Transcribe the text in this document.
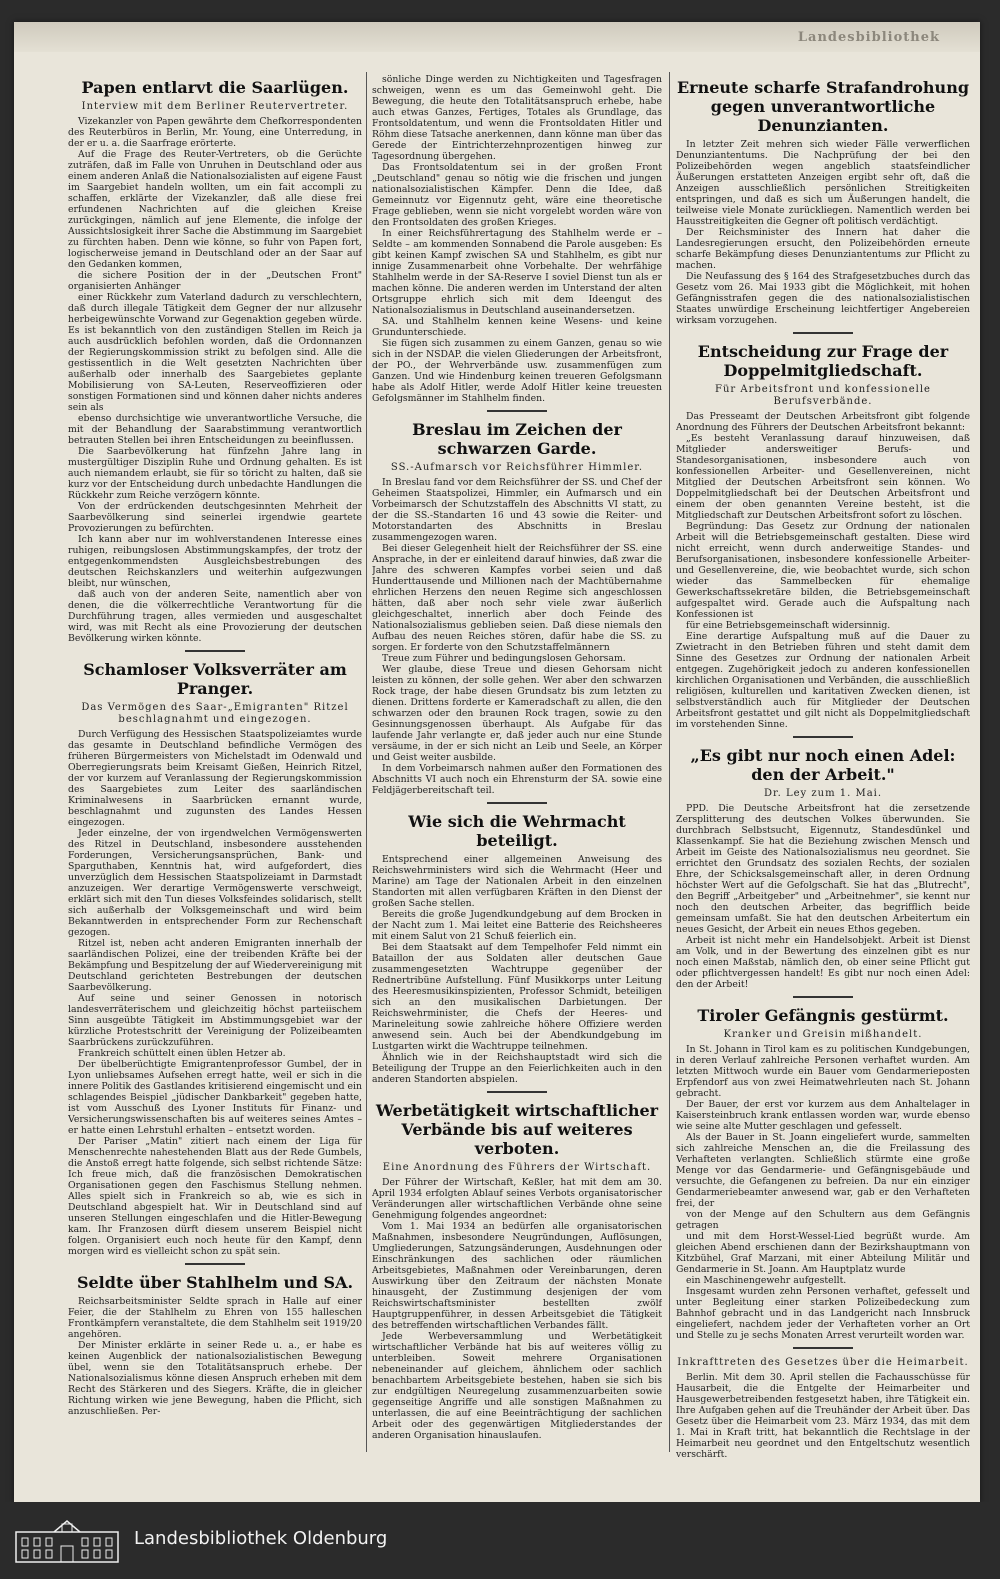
Landesbibliothek
Papen entlarvt die Saarlügen.
Interview mit dem Berliner Reutervertreter.

Vizekanzler von Papen gewährte dem Chefkorrespondenten des Reuterbüros in Berlin, Mr. Young, eine Unterredung, in der er u. a. die Saarfrage erörterte.

Auf die Frage des Reuter-Vertreters, ob die Gerüchte zuträfen, daß im Falle von Unruhen in Deutschland oder aus einem anderen Anlaß die Nationalsozialisten auf eigene Faust im Saargebiet handeln wollten, um ein fait accompli zu schaffen, erklärte der Vizekanzler, daß alle diese frei erfundenen Nachrichten auf die gleichen Kreise zurückgingen, nämlich auf jene Elemente, die infolge der Aussichtslosigkeit ihrer Sache die Abstimmung im Saargebiet zu fürchten haben. Denn wie könne, so fuhr von Papen fort, logischerweise jemand in Deutschland oder an der Saar auf den Gedanken kommen,

die sichere Position der in der „Deutschen Front" organisierten Anhänger

einer Rückkehr zum Vaterland dadurch zu verschlechtern, daß durch illegale Tätigkeit dem Gegner der nur allzusehr herbeigewünschte Vorwand zur Gegenaktion gegeben würde. Es ist bekanntlich von den zuständigen Stellen im Reich ja auch ausdrücklich befohlen worden, daß die Ordonnanzen der Regierungskommission strikt zu befolgen sind. Alle die gestissentlich in die Welt gesetzten Nachrichten über außerhalb oder innerhalb des Saargebietes geplante Mobilisierung von SA-Leuten, Reserveoffizieren oder sonstigen Formationen sind und können daher nichts anderes sein als

ebenso durchsichtige wie unverantwortliche Versuche, die mit der Behandlung der Saarabstimmung verantwortlich betrauten Stellen bei ihren Entscheidungen zu beeinflussen.

Die Saarbevölkerung hat fünfzehn Jahre lang in mustergültiger Disziplin Ruhe und Ordnung gehalten. Es ist auch niemandem erlaubt, sie für so töricht zu halten, daß sie kurz vor der Entscheidung durch unbedachte Handlungen die Rückkehr zum Reiche verzögern könnte.

Von der erdrückenden deutschgesinnten Mehrheit der Saarbevölkerung sind seinerlei irgendwie geartete Provozierungen zu befürchten.

Ich kann aber nur im wohlverstandenen Interesse eines ruhigen, reibungslosen Abstimmungskampfes, der trotz der entgegenkommendsten Ausgleichsbestrebungen des deutschen Reichskanzlers und weiterhin aufgezwungen bleibt, nur wünschen,

daß auch von der anderen Seite, namentlich aber von denen, die die völkerrechtliche Verantwortung für die Durchführung tragen, alles vermieden und ausgeschaltet wird, was mit Recht als eine Provozierung der deutschen Bevölkerung wirken könnte.

Schamloser Volksverräter am Pranger.
Das Vermögen des Saar-„Emigranten" Ritzel beschlagnahmt und eingezogen.

Durch Verfügung des Hessischen Staatspolizeiamtes wurde das gesamte in Deutschland befindliche Vermögen des früheren Bürgermeisters von Michelstadt im Odenwald und Oberregierungsrats beim Kreisamt Gießen, Heinrich Ritzel, der vor kurzem auf Veranlassung der Regierungskommission des Saargebietes zum Leiter des saarländischen Kriminalwesens in Saarbrücken ernannt wurde, beschlagnahmt und zugunsten des Landes Hessen eingezogen.

Jeder einzelne, der von irgendwelchen Vermögenswerten des Ritzel in Deutschland, insbesondere ausstehenden Forderungen, Versicherungsansprüchen, Bank- und Sparguthaben, Kenntnis hat, wird aufgefordert, dies unverzüglich dem Hessischen Staatspolizeiamt in Darmstadt anzuzeigen. Wer derartige Vermögenswerte verschweigt, erklärt sich mit den Tun dieses Volksfeindes solidarisch, stellt sich außerhalb der Volksgemeinschaft und wird beim Bekanntwerden in entsprechender Form zur Rechenschaft gezogen.

Ritzel ist, neben acht anderen Emigranten innerhalb der saarländischen Polizei, eine der treibenden Kräfte bei der Bekämpfung und Bespitzelung der auf Wiedervereinigung mit Deutschland gerichteten Bestrebungen der deutschen Saarbevölkerung.

Auf seine und seiner Genossen in notorisch landesverräterischem und gleichzeitig höchst parteiischem Sinn ausgeübte Tätigkeit im Abstimmungsgebiet war der kürzliche Protestschritt der Vereinigung der Polizeibeamten Saarbrückens zurückzuführen.

Frankreich schüttelt einen üblen Hetzer ab.

Der übelberüchtigte Emigrantenprofessor Gumbel, der in Lyon unliebsames Aufsehen erregt hatte, weil er sich in die innere Politik des Gastlandes kritisierend eingemischt und ein schlagendes Beispiel „jüdischer Dankbarkeit" gegeben hatte, ist vom Ausschuß des Lyoner Instituts für Finanz- und Versicherungswissenschaften bis auf weiteres seines Amtes – er hatte einen Lehrstuhl erhalten – entsetzt worden.

Der Pariser „Matin" zitiert nach einem der Liga für Menschenrechte nahestehenden Blatt aus der Rede Gumbels, die Anstoß erregt hatte folgende, sich selbst richtende Sätze: Ich freue mich, daß die französischen Demokratischen Organisationen gegen den Faschismus Stellung nehmen. Alles spielt sich in Frankreich so ab, wie es sich in Deutschland abgespielt hat. Wir in Deutschland sind auf unseren Stellungen eingeschlafen und die Hitler-Bewegung kam. Ihr Franzosen dürft diesem unserem Beispiel nicht folgen. Organisiert euch noch heute für den Kampf, denn morgen wird es vielleicht schon zu spät sein.

Seldte über Stahlhelm und SA.

Reichsarbeitsminister Seldte sprach in Halle auf einer Feier, die der Stahlhelm zu Ehren von 155 halleschen Frontkämpfern veranstaltete, die dem Stahlhelm seit 1919/20 angehören.

Der Minister erklärte in seiner Rede u. a., er habe es keinen Augenblick der nationalsozialistischen Bewegung übel, wenn sie den Totalitätsanspruch erhebe. Der Nationalsozialismus könne diesen Anspruch erheben mit dem Recht des Stärkeren und des Siegers. Kräfte, die in gleicher Richtung wirken wie jene Bewegung, haben die Pflicht, sich anzuschließen. Per-

sönliche Dinge werden zu Nichtigkeiten und Tagesfragen schweigen, wenn es um das Gemeinwohl geht. Die Bewegung, die heute den Totalitätsanspruch erhebe, habe auch etwas Ganzes, Fertiges, Totales als Grundlage, das Frontsoldatentum, und wenn die Frontsoldaten Hitler und Röhm diese Tatsache anerkennen, dann könne man über das Gerede der Eintrichterzehnprozentigen hinweg zur Tagesordnung übergehen.

Das Frontsoldatentum sei in der großen Front „Deutschland" genau so nötig wie die frischen und jungen nationalsozialistischen Kämpfer. Denn die Idee, daß Gemeinnutz vor Eigennutz geht, wäre eine theoretische Frage geblieben, wenn sie nicht vorgelebt worden wäre von den Frontsoldaten des großen Krieges.

In einer Reichsführertagung des Stahlhelm werde er – Seldte – am kommenden Sonnabend die Parole ausgeben: Es gibt keinen Kampf zwischen SA und Stahlhelm, es gibt nur innige Zusammenarbeit ohne Vorbehalte. Der wehrfähige Stahlhelm werde in der SA-Reserve I soviel Dienst tun als er machen könne. Die anderen werden im Unterstand der alten Ortsgruppe ehrlich sich mit dem Ideengut des Nationalsozialismus in Deutschland auseinandersetzen.

SA. und Stahlhelm kennen keine Wesens- und keine Grundunterschiede.

Sie fügen sich zusammen zu einem Ganzen, genau so wie sich in der NSDAP. die vielen Gliederungen der Arbeitsfront, der PO., der Wehrverbände usw. zusammenfügen zum Ganzen. Und wie Hindenburg keinen treueren Gefolgsmann habe als Adolf Hitler, werde Adolf Hitler keine treuesten Gefolgsmänner im Stahlhelm finden.

Breslau im Zeichen der schwarzen Garde.
SS.-Aufmarsch vor Reichsführer Himmler.

In Breslau fand vor dem Reichsführer der SS. und Chef der Geheimen Staatspolizei, Himmler, ein Aufmarsch und ein Vorbeimarsch der Schutzstaffeln des Abschnitts VI statt, zu der die SS.-Standarten 16 und 43 sowie die Reiter- und Motorstandarten des Abschnitts in Breslau zusammengezogen waren.

Bei dieser Gelegenheit hielt der Reichsführer der SS. eine Ansprache, in der er einleitend darauf hinwies, daß zwar die Jahre des schweren Kampfes vorbei seien und daß Hunderttausende und Millionen nach der Machtübernahme ehrlichen Herzens den neuen Regime sich angeschlossen hätten, daß aber noch sehr viele zwar äußerlich gleichgeschaltet, innerlich aber doch Feinde des Nationalsozialismus geblieben seien. Daß diese niemals den Aufbau des neuen Reiches stören, dafür habe die SS. zu sorgen. Er forderte von den Schutzstaffelmännern

Treue zum Führer und bedingungslosen Gehorsam.

Wer glaube, diese Treue und diesen Gehorsam nicht leisten zu können, der solle gehen. Wer aber den schwarzen Rock trage, der habe diesen Grundsatz bis zum letzten zu dienen. Drittens forderte er Kameradschaft zu allen, die den schwarzen oder den braunen Rock tragen, sowie zu den Gesinnungsgenossen überhaupt. Als Aufgabe für das laufende Jahr verlangte er, daß jeder auch nur eine Stunde versäume, in der er sich nicht an Leib und Seele, an Körper und Geist weiter ausbilde.

In dem Vorbeimarsch nahmen außer den Formationen des Abschnitts VI auch noch ein Ehrensturm der SA. sowie eine Feldjägerbereitschaft teil.

Wie sich die Wehrmacht beteiligt.

Entsprechend einer allgemeinen Anweisung des Reichswehrministers wird sich die Wehrmacht (Heer und Marine) am Tage der Nationalen Arbeit in den einzelnen Standorten mit allen verfügbaren Kräften in den Dienst der großen Sache stellen.

Bereits die große Jugendkundgebung auf dem Brocken in der Nacht zum 1. Mai leitet eine Batterie des Reichsheeres mit einem Salut von 21 Schuß feierlich ein.

Bei dem Staatsakt auf dem Tempelhofer Feld nimmt ein Bataillon der aus Soldaten aller deutschen Gaue zusammengesetzten Wachtruppe gegenüber der Rednertribüne Aufstellung. Fünf Musikkorps unter Leitung des Heeresmusikinspizienten, Professor Schmidt, beteiligen sich an den musikalischen Darbietungen. Der Reichswehrminister, die Chefs der Heeres- und Marineleitung sowie zahlreiche höhere Offiziere werden anwesend sein. Auch bei der Abendkundgebung im Lustgarten wirkt die Wachtruppe teilnehmen.

Ähnlich wie in der Reichshauptstadt wird sich die Beteiligung der Truppe an den Feierlichkeiten auch in den anderen Standorten abspielen.

Werbetätigkeit wirtschaftlicher Verbände bis auf weiteres verboten.
Eine Anordnung des Führers der Wirtschaft.

Der Führer der Wirtschaft, Keßler, hat mit dem am 30. April 1934 erfolgten Ablauf seines Verbots organisatorischer Veränderungen aller wirtschaftlichen Verbände ohne seine Genehmigung folgendes angeordnet:

Vom 1. Mai 1934 an bedürfen alle organisatorischen Maßnahmen, insbesondere Neugründungen, Auflösungen, Umgliederungen, Satzungsänderungen, Ausdehnungen oder Einschränkungen des sachlichen oder räumlichen Arbeitsgebietes, Maßnahmen oder Vereinbarungen, deren Auswirkung über den Zeitraum der nächsten Monate hinausgeht, der Zustimmung desjenigen der vom Reichswirtschaftsminister bestellten zwölf Hauptgruppenführer, in dessen Arbeitsgebiet die Tätigkeit des betreffenden wirtschaftlichen Verbandes fällt.

Jede Werbeversammlung und Werbetätigkeit wirtschaftlicher Verbände hat bis auf weiteres völlig zu unterbleiben. Soweit mehrere Organisationen nebeneinander auf gleichem, ähnlichem oder sachlich benachbartem Arbeitsgebiete bestehen, haben sie sich bis zur endgültigen Neuregelung zusammenzuarbeiten sowie gegenseitige Angriffe und alle sonstigen Maßnahmen zu unterlassen, die auf eine Beeinträchtigung der sachlichen Arbeit oder des gegenwärtigen Mitgliederstandes der anderen Organisation hinauslaufen.

Erneute scharfe Strafandrohung gegen unverantwortliche Denunzianten.

In letzter Zeit mehren sich wieder Fälle verwerflichen Denunziantentums. Die Nachprüfung der bei den Polizeibehörden wegen angeblich staatsfeindlicher Äußerungen erstatteten Anzeigen ergibt sehr oft, daß die Anzeigen ausschließlich persönlichen Streitigkeiten entspringen, und daß es sich um Äußerungen handelt, die teilweise viele Monate zurückliegen. Namentlich werden bei Hausstreitigkeiten die Gegner oft politisch verdächtigt.

Der Reichsminister des Innern hat daher die Landesregierungen ersucht, den Polizeibehörden erneute scharfe Bekämpfung dieses Denunziantentums zur Pflicht zu machen.

Die Neufassung des § 164 des Strafgesetzbuches durch das Gesetz vom 26. Mai 1933 gibt die Möglichkeit, mit hohen Gefängnisstrafen gegen die des nationalsozialistischen Staates unwürdige Erscheinung leichtfertiger Angebereien wirksam vorzugehen.

Entscheidung zur Frage der Doppelmitgliedschaft.
Für Arbeitsfront und konfessionelle Berufsverbände.

Das Presseamt der Deutschen Arbeitsfront gibt folgende Anordnung des Führers der Deutschen Arbeitsfront bekannt:

„Es besteht Veranlassung darauf hinzuweisen, daß Mitglieder andersweitiger Berufs- und Standesorganisationen, insbesondere auch von konfessionellen Arbeiter- und Gesellenvereinen, nicht Mitglied der Deutschen Arbeitsfront sein können. Wo Doppelmitgliedschaft bei der Deutschen Arbeitsfront und einem der oben genannten Vereine besteht, ist die Mitgliedschaft zur Deutschen Arbeitsfront sofort zu löschen.

Begründung: Das Gesetz zur Ordnung der nationalen Arbeit will die Betriebsgemeinschaft gestalten. Diese wird nicht erreicht, wenn durch anderweitige Standes- und Berufsorganisationen, insbesondere konfessionelle Arbeiter- und Gesellenvereine, die, wie beobachtet wurde, sich schon wieder das Sammelbecken für ehemalige Gewerkschaftssekretäre bilden, die Betriebsgemeinschaft aufgespaltet wird. Gerade auch die Aufspaltung nach Konfessionen ist

für eine Betriebsgemeinschaft widersinnig.

Eine derartige Aufspaltung muß auf die Dauer zu Zwietracht in den Betrieben führen und steht damit dem Sinne des Gesetzes zur Ordnung der nationalen Arbeit entgegen. Zugehörigkeit jedoch zu anderen konfessionellen kirchlichen Organisationen und Verbänden, die ausschließlich religiösen, kulturellen und karitativen Zwecken dienen, ist selbstverständlich auch für Mitglieder der Deutschen Arbeitsfront gestattet und gilt nicht als Doppelmitgliedschaft im vorstehenden Sinne.

„Es gibt nur noch einen Adel: den der Arbeit."
Dr. Ley zum 1. Mai.

PPD. Die Deutsche Arbeitsfront hat die zersetzende Zersplitterung des deutschen Volkes überwunden. Sie durchbrach Selbstsucht, Eigennutz, Standesdünkel und Klassenkampf. Sie hat die Beziehung zwischen Mensch und Arbeit im Geiste des Nationalsozialismus neu geordnet. Sie errichtet den Grundsatz des sozialen Rechts, der sozialen Ehre, der Schicksalsgemeinschaft aller, in deren Ordnung höchster Wert auf die Gefolgschaft. Sie hat das „Blutrecht", den Begriff „Arbeitgeber" und „Arbeitnehmer", sie kennt nur noch den deutschen Arbeiter, das begrifflich beide gemeinsam umfaßt. Sie hat den deutschen Arbeitertum ein neues Gesicht, der Arbeit ein neues Ethos gegeben.

Arbeit ist nicht mehr ein Handelsobjekt. Arbeit ist Dienst am Volk, und in der Bewertung des einzelnen gibt es nur noch einen Maßstab, nämlich den, ob einer seine Pflicht gut oder pflichtvergessen handelt! Es gibt nur noch einen Adel: den der Arbeit!

Tiroler Gefängnis gestürmt.
Kranker und Greisin mißhandelt.

In St. Johann in Tirol kam es zu politischen Kundgebungen, in deren Verlauf zahlreiche Personen verhaftet wurden. Am letzten Mittwoch wurde ein Bauer vom Gendarmerieposten Erpfendorf aus von zwei Heimatwehrleuten nach St. Johann gebracht.

Der Bauer, der erst vor kurzem aus dem Anhaltelager in Kaisersteinbruch krank entlassen worden war, wurde ebenso wie seine alte Mutter geschlagen und gefesselt.

Als der Bauer in St. Joann eingeliefert wurde, sammelten sich zahlreiche Menschen an, die die Freilassung des Verhafteten verlangten. Schließlich stürmte eine große Menge vor das Gendarmerie- und Gefängnisgebäude und versuchte, die Gefangenen zu befreien. Da nur ein einziger Gendarmeriebeamter anwesend war, gab er den Verhafteten frei, der

von der Menge auf den Schultern aus dem Gefängnis getragen

und mit dem Horst-Wessel-Lied begrüßt wurde. Am gleichen Abend erschienen dann der Bezirkshauptmann von Kitzbühel, Graf Marzani, mit einer Abteilung Militär und Gendarmerie in St. Joann. Am Hauptplatz wurde

ein Maschinengewehr aufgestellt.

Insgesamt wurden zehn Personen verhaftet, gefesselt und unter Begleitung einer starken Polizeibedeckung zum Bahnhof gebracht und in das Landgericht nach Innsbruck eingeliefert, nachdem jeder der Verhafteten vorher an Ort und Stelle zu je sechs Monaten Arrest verurteilt worden war.

Inkrafttreten des Gesetzes über die Heimarbeit.

Berlin. Mit dem 30. April stellen die Fachausschüsse für Hausarbeit, die die Entgelte der Heimarbeiter und Hausgewerbetreibenden festgesetzt haben, ihre Tätigkeit ein. Ihre Aufgaben gehen auf die Treuhänder der Arbeit über. Das Gesetz über die Heimarbeit vom 23. März 1934, das mit dem 1. Mai in Kraft tritt, hat bekanntlich die Rechtslage in der Heimarbeit neu geordnet und den Entgeltschutz wesentlich verschärft.

Landesbibliothek Oldenburg
